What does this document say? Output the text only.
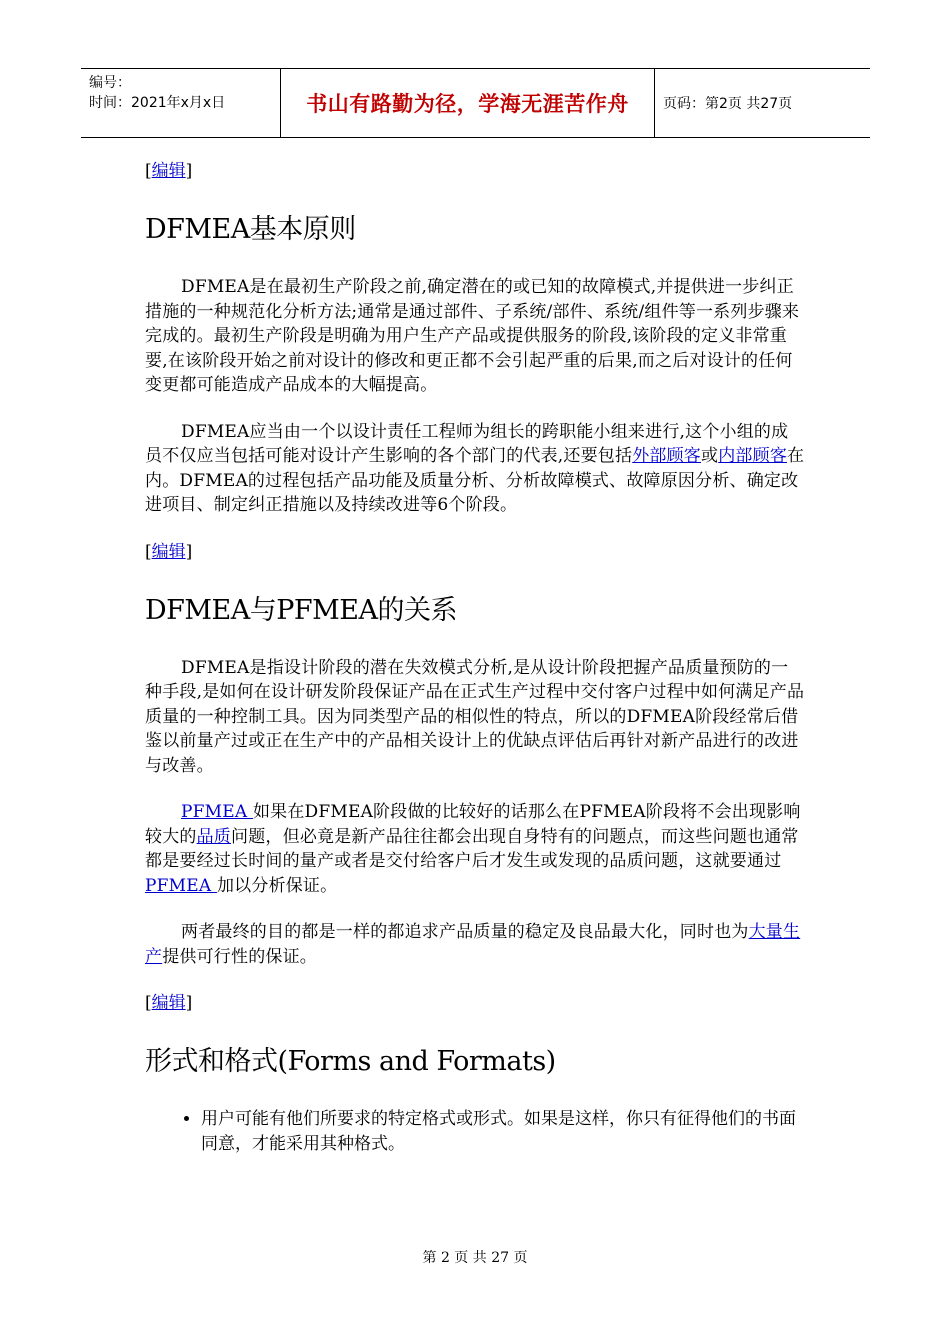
编号：
时间：2021年x月x日	书山有路勤为径，学海无涯苦作舟	页码：第2页 共27页
[编辑]
DFMEA基本原则

DFMEA是在最初生产阶段之前,确定潜在的或已知的故障模式,并提供进一步纠正措施的一种规范化分析方法;通常是通过部件、子系统/部件、系统/组件等一系列步骤来完成的。最初生产阶段是明确为用户生产产品或提供服务的阶段,该阶段的定义非常重要,在该阶段开始之前对设计的修改和更正都不会引起严重的后果,而之后对设计的任何变更都可能造成产品成本的大幅提高。

DFMEA应当由一个以设计责任工程师为组长的跨职能小组来进行,这个小组的成员不仅应当包括可能对设计产生影响的各个部门的代表,还要包括外部顾客或内部顾客在内。DFMEA的过程包括产品功能及质量分析、分析故障模式、故障原因分析、确定改进项目、制定纠正措施以及持续改进等6个阶段。

[编辑]
DFMEA与PFMEA的关系

DFMEA是指设计阶段的潜在失效模式分析,是从设计阶段把握产品质量预防的一种手段,是如何在设计研发阶段保证产品在正式生产过程中交付客户过程中如何满足产品质量的一种控制工具。因为同类型产品的相似性的特点，所以的DFMEA阶段经常后借鉴以前量产过或正在生产中的产品相关设计上的优缺点评估后再针对新产品进行的改进与改善。

PFMEA 如果在DFMEA阶段做的比较好的话那么在PFMEA阶段将不会出现影响较大的品质问题，但必竟是新产品往往都会出现自身特有的问题点，而这些问题也通常都是要经过长时间的量产或者是交付给客户后才发生或发现的品质问题，这就要通过PFMEA 加以分析保证。

两者最终的目的都是一样的都追求产品质量的稳定及良品最大化，同时也为大量生产提供可行性的保证。

[编辑]
形式和格式(Forms and Formats)
• 用户可能有他们所要求的特定格式或形式。如果是这样，你只有征得他们的书面同意，才能采用其种格式。
第 2 页 共 27 页
